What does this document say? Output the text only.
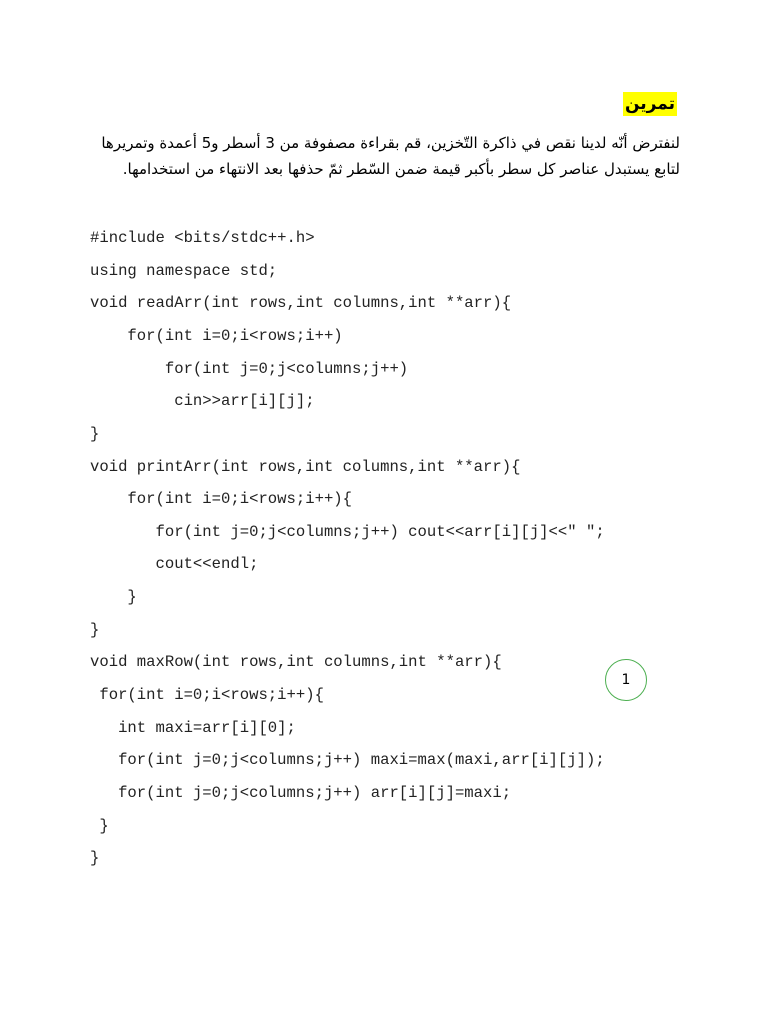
تمرين
لنفترض أنّه لدينا نقص في ذاكرة التّخزين، قم بقراءة مصفوفة من 3 أسطر و5 أعمدة وتمريرها
لتابع يستبدل عناصر كل سطر بأكبر قيمة ضمن السّطر ثمّ حذفها بعد الانتهاء من استخدامها.
#include <bits/stdc++.h>
using namespace std;
void readArr(int rows,int columns,int **arr){
for(int i=0;i<rows;i++)
for(int j=0;j<columns;j++)
cin>>arr[i][j];
}
void printArr(int rows,int columns,int **arr){
for(int i=0;i<rows;i++){
for(int j=0;j<columns;j++) cout<<arr[i][j]<<" ";
cout<<endl;
}
}
void maxRow(int rows,int columns,int **arr){
for(int i=0;i<rows;i++){
int maxi=arr[i][0];
for(int j=0;j<columns;j++) maxi=max(maxi,arr[i][j]);
for(int j=0;j<columns;j++) arr[i][j]=maxi;
}
}
1
